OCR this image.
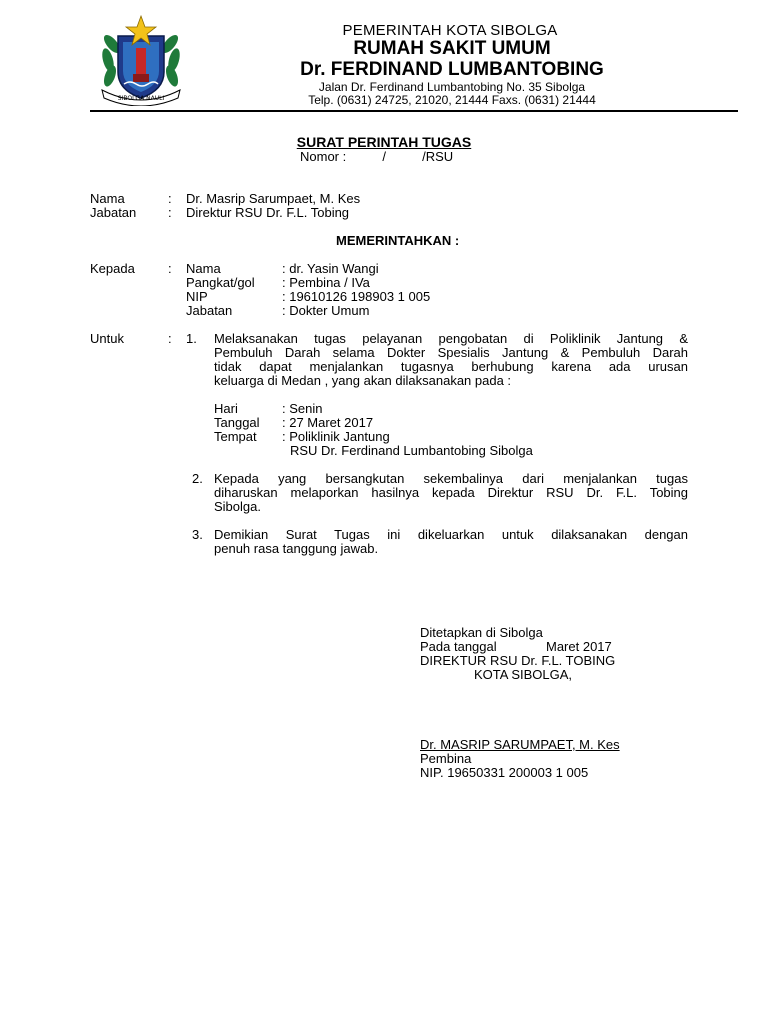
SIBOLGA NAULI
PEMERINTAH KOTA SIBOLGA
RUMAH SAKIT UMUM
Dr. FERDINAND LUMBANTOBING
Jalan Dr. Ferdinand Lumbantobing No. 35 Sibolga
Telp. (0631) 24725, 21020, 21444 Faxs. (0631) 21444
SURAT PERINTAH TUGAS
Nomor :          /          /RSU
Nama	: Dr. Masrip Sarumpaet, M. Kes
Jabatan : Direktur RSU Dr. F.L. Tobing
MEMERINTAHKAN :
Kepada	: Nama	: dr. Yasin Wangi
Pangkat/gol : Pembina / IVa
NIP	: 19610126 198903 1 005
Jabatan	: Dokter Umum
Untuk	: 1. Melaksanakan tugas pelayanan pengobatan di Poliklinik Jantung &
Pembuluh Darah selama Dokter Spesialis Jantung & Pembuluh Darah
tidak dapat menjalankan tugasnya berhubung karena ada urusan
keluarga di Medan , yang akan dilaksanakan pada :
Hari	: Senin
Tanggal : 27 Maret 2017
Tempat : Poliklinik Jantung
RSU Dr. Ferdinand Lumbantobing Sibolga
2. Kepada yang bersangkutan sekembalinya dari menjalankan tugas
diharuskan melaporkan hasilnya kepada Direktur RSU Dr. F.L. Tobing
Sibolga.
3. Demikian Surat Tugas ini dikeluarkan untuk dilaksanakan dengan
penuh rasa tanggung jawab.
Ditetapkan di Sibolga
Pada tanggal	Maret 2017
DIREKTUR RSU Dr. F.L. TOBING
KOTA SIBOLGA,
Dr. MASRIP SARUMPAET, M. Kes
Pembina
NIP. 19650331 200003 1 005
